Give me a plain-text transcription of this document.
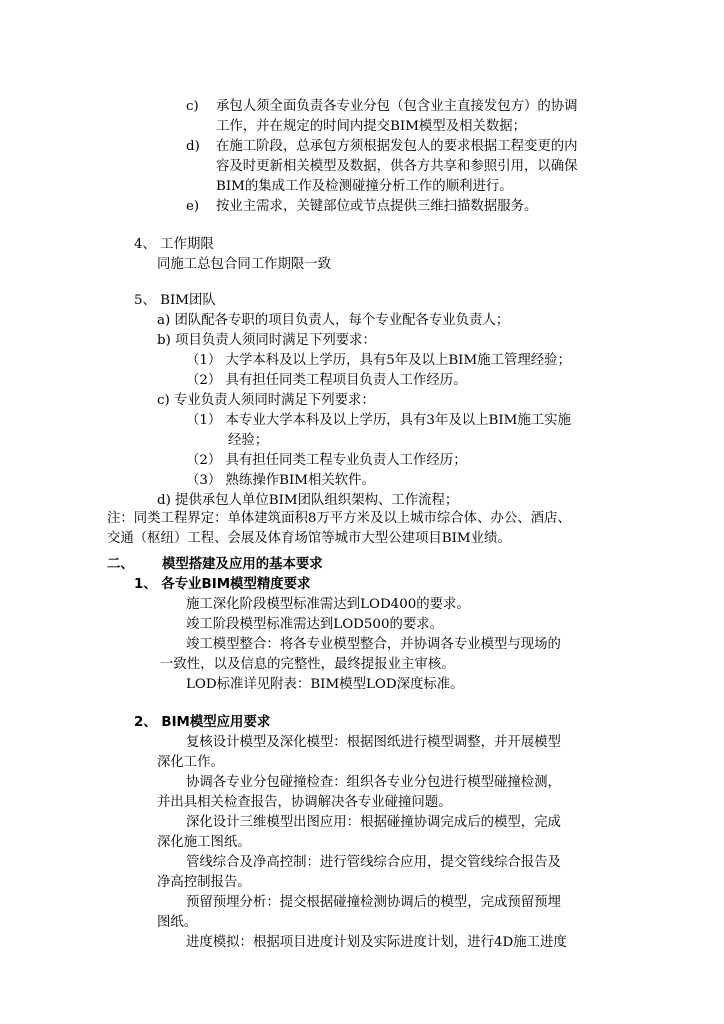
c) 承包人须全面负责各专业分包（包含业主直接发包方）的协调
工作，并在规定的时间内提交BIM模型及相关数据；
d) 在施工阶段，总承包方须根据发包人的要求根据工程变更的内
容及时更新相关模型及数据，供各方共享和参照引用，以确保
BIM的集成工作及检测碰撞分析工作的顺利进行。
e) 按业主需求，关键部位或节点提供三维扫描数据服务。
4、 工作期限
同施工总包合同工作期限一致
5、 BIM团队
a) 团队配各专职的项目负责人，每个专业配各专业负责人；
b) 项目负责人须同时满足下列要求：
（1） 大学本科及以上学历，具有5年及以上BIM施工管理经验；
（2） 具有担任同类工程项目负责人工作经历。
c) 专业负责人须同时满足下列要求：
（1） 本专业大学本科及以上学历，具有3年及以上BIM施工实施
经验；
（2） 具有担任同类工程专业负责人工作经历；
（3） 熟练操作BIM相关软件。
d) 提供承包人单位BIM团队组织架构、工作流程；
注：同类工程界定：单体建筑面积8万平方米及以上城市综合体、办公、酒店、
交通（枢纽）工程、会展及体育场馆等城市大型公建项目BIM业绩。
二、 模型搭建及应用的基本要求
1、 各专业BIM模型精度要求
施工深化阶段模型标准需达到LOD400的要求。
竣工阶段模型标准需达到LOD500的要求。
竣工模型整合：将各专业模型整合，并协调各专业模型与现场的
一致性，以及信息的完整性，最终提报业主审核。
LOD标准详见附表：BIM模型LOD深度标准。
2、 BIM模型应用要求
复核设计模型及深化模型：根据图纸进行模型调整，并开展模型
深化工作。
协调各专业分包碰撞检查：组织各专业分包进行模型碰撞检测，
并出具相关检查报告，协调解决各专业碰撞问题。
深化设计三维模型出图应用：根据碰撞协调完成后的模型，完成
深化施工图纸。
管线综合及净高控制：进行管线综合应用，提交管线综合报告及
净高控制报告。
预留预埋分析：提交根据碰撞检测协调后的模型，完成预留预埋
图纸。
进度模拟：根据项目进度计划及实际进度计划，进行4D施工进度
